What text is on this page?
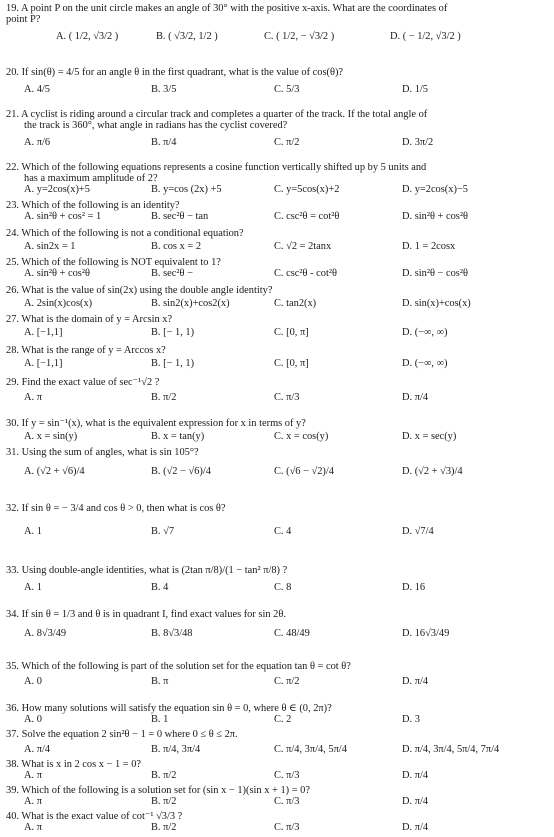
19. A point P on the unit circle makes an angle of 30° with the positive x-axis. What are the coordinates of
point P?
A. ( 1/2, √3/2 )	B. ( √3/2, 1/2 )	C. ( 1/2, − √3/2 )	D. ( − 1/2, √3/2 )
20. If sin(θ) = 4/5 for an angle θ in the first quadrant, what is the value of cos(θ)?
A. 4/5	B. 3/5	C. 5/3	D. 1/5
21. A cyclist is riding around a circular track and completes a quarter of the track. If the total angle of
the track is 360°, what angle in radians has the cyclist covered?
A. π/6	B. π/4	C. π/2	D. 3π/2
22. Which of the following equations represents a cosine function vertically shifted up by 5 units and
has a maximum amplitude of 2?
A. y=2cos(x)+5	B. y=cos (2x) +5	C. y=5cos(x)+2	D. y=2cos(x)−5
23. Which of the following is an identity?
A. sin²θ + cos² = 1	B. sec²θ − tan	C. csc²θ = cot²θ	D. sin²θ + cos²θ
24. Which of the following is not a conditional equation?
A. sin2x = 1	B. cos x = 2	C. √2 = 2tanx	D. 1 = 2cosx
25. Which of the following is NOT equivalent to 1?
A. sin²θ + cos²θ	B. sec²θ −	C. csc²θ - cot²θ	D. sin²θ − cos²θ
26. What is the value of sin(2x) using the double angle identity?
A. 2sin(x)cos(x)	B. sin2(x)+cos2(x)	C. tan2(x)	D. sin(x)+cos(x)
27. What is the domain of y = Arcsin x?
A. [−1,1]	B. [− 1, 1)	C. [0, π]	D. (−∞, ∞)
28. What is the range of y = Arccos x?
A. [−1,1]	B. [− 1, 1)	C. [0, π]	D. (−∞, ∞)
29. Find the exact value of sec⁻¹√2 ?
A. π	B. π/2	C. π/3	D. π/4
30. If y = sin⁻¹(x), what is the equivalent expression for x in terms of y?
A. x = sin(y)	B. x = tan(y)	C. x = cos(y)	D. x = sec(y)
31. Using the sum of angles, what is sin 105°?
A. (√2 + √6)/4	B. (√2 − √6)/4	C. (√6 − √2)/4	D. (√2 + √3)/4
32. If sin θ = − 3/4 and cos θ > 0, then what is cos θ?
A. 1	B. √7	C. 4	D. √7/4
33. Using double-angle identities, what is (2tan π/8)/(1 − tan² π/8) ?
A. 1	B. 4	C. 8	D. 16
34. If sin θ = 1/3 and θ is in quadrant I, find exact values for sin 2θ.
A. 8√3/49	B. 8√3/48	C. 48/49	D. 16√3/49
35. Which of the following is part of the solution set for the equation tan θ = cot θ?
A. 0	B. π	C. π/2	D. π/4
36. How many solutions will satisfy the equation sin θ = 0, where θ ∈ (0, 2π)?
A. 0	B. 1	C. 2	D. 3
37. Solve the equation 2 sin²θ − 1 = 0 where 0 ≤ θ ≤ 2π.
A. π/4	B. π/4, 3π/4	C. π/4, 3π/4, 5π/4	D. π/4, 3π/4, 5π/4, 7π/4
38. What is x in 2 cos x − 1 = 0?
A. π	B. π/2	C. π/3	D. π/4
39. Which of the following is a solution set for (sin x − 1)(sin x + 1) = 0?
A. π	B. π/2	C. π/3	D. π/4
40. What is the exact value of cot⁻¹ √3/3 ?
A. π	B. π/2	C. π/3	D. π/4
